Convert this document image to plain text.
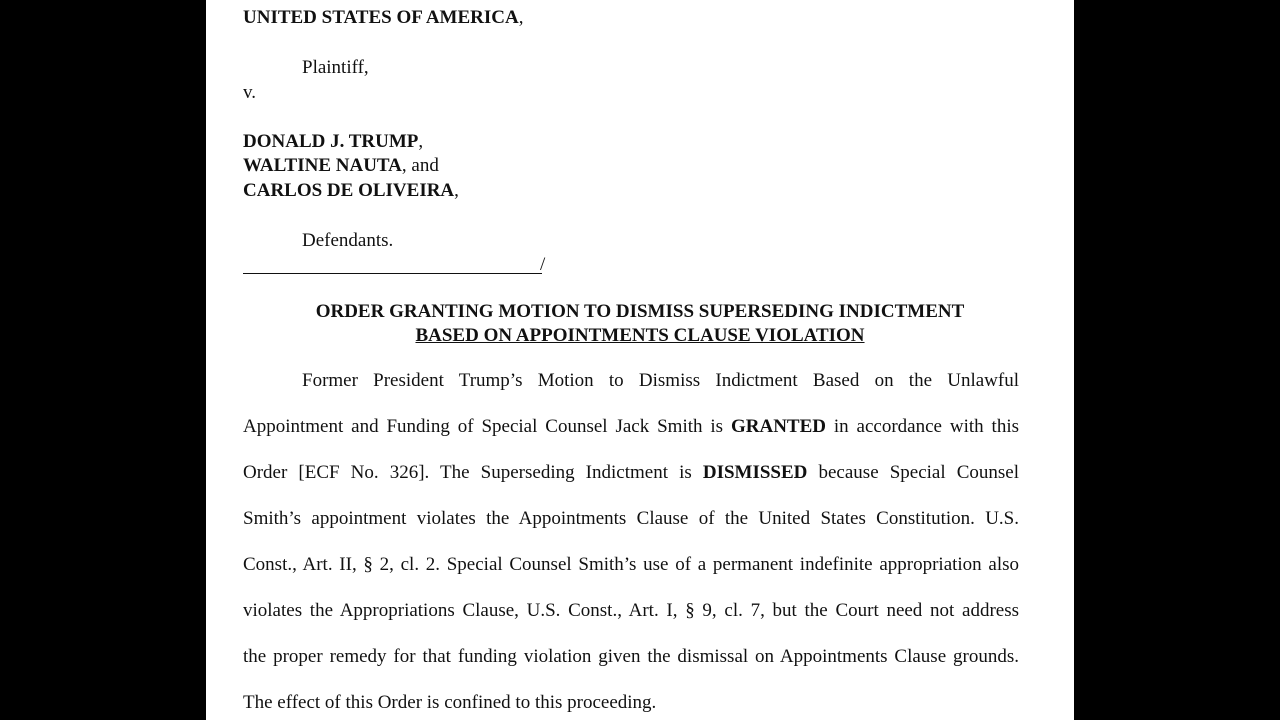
UNITED STATES OF AMERICA,
Plaintiff,
v.
DONALD J. TRUMP,
WALTINE NAUTA, and
CARLOS DE OLIVEIRA,
Defendants.
/
ORDER GRANTING MOTION TO DISMISS SUPERSEDING INDICTMENT
BASED ON APPOINTMENTS CLAUSE VIOLATION
Former President Trump’s Motion to Dismiss Indictment Based on the Unlawful
Appointment and Funding of Special Counsel Jack Smith is GRANTED in accordance with this
Order [ECF No. 326]. The Superseding Indictment is DISMISSED because Special Counsel
Smith’s appointment violates the Appointments Clause of the United States Constitution. U.S.
Const., Art. II, § 2, cl. 2. Special Counsel Smith’s use of a permanent indefinite appropriation also
violates the Appropriations Clause, U.S. Const., Art. I, § 9, cl. 7, but the Court need not address
the proper remedy for that funding violation given the dismissal on Appointments Clause grounds.
The effect of this Order is confined to this proceeding.
